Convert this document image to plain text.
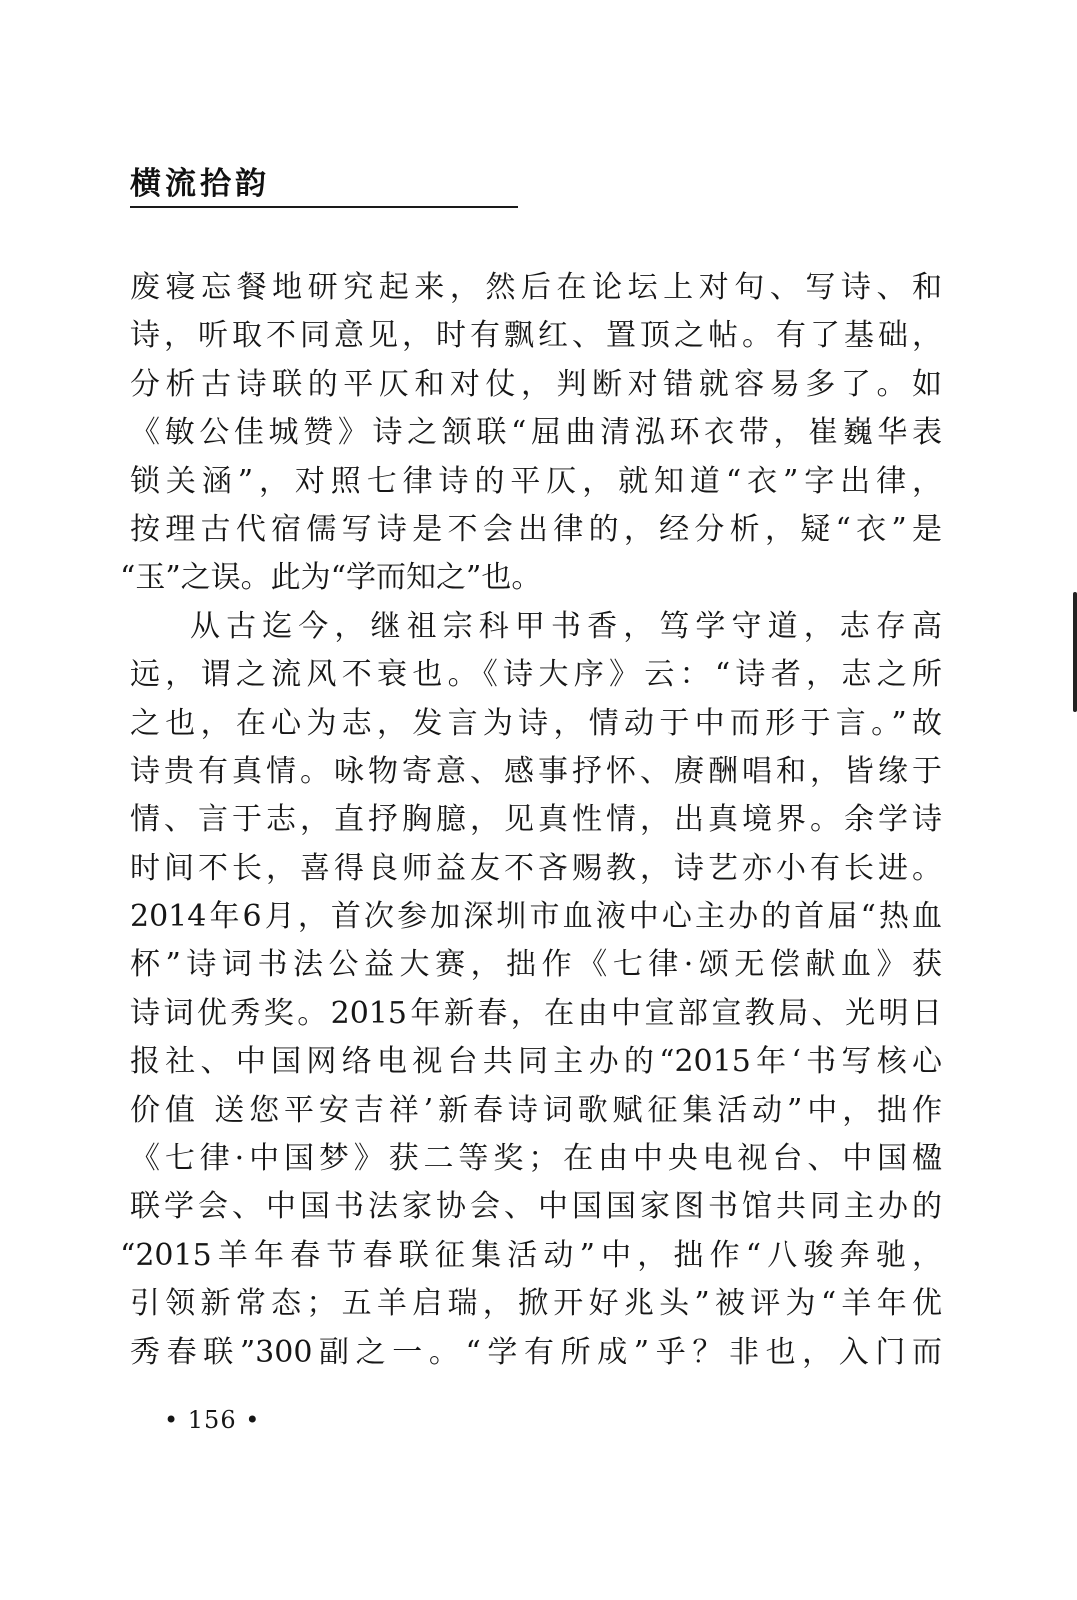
横流拾韵
废寝忘餐地研究起来，然后在论坛上对句、写诗、和
诗，听取不同意见，时有飘红、置顶之帖。有了基础，
分析古诗联的平仄和对仗，判断对错就容易多了。如
《敏公佳城赞》诗之颔联“屈曲清泓环衣带，崔巍华表
锁关涵”，对照七律诗的平仄，就知道“衣”字出律，
按理古代宿儒写诗是不会出律的，经分析，疑“衣”是
“玉”之误。此为“学而知之”也。
从古迄今，继祖宗科甲书香，笃学守道，志存高
远，谓之流风不衰也。《诗大序》云：“诗者，志之所
之也，在心为志，发言为诗，情动于中而形于言。”故
诗贵有真情。咏物寄意、感事抒怀、赓酬唱和，皆缘于
情、言于志，直抒胸臆，见真性情，出真境界。余学诗
时间不长，喜得良师益友不吝赐教，诗艺亦小有长进。
2014年6月，首次参加深圳市血液中心主办的首届“热血
杯”诗词书法公益大赛，拙作《七律·颂无偿献血》获
诗词优秀奖。2015年新春，在由中宣部宣教局、光明日
报社、中国网络电视台共同主办的“2015年‘书写核心
价值 送您平安吉祥’新春诗词歌赋征集活动”中，拙作
《七律·中国梦》获二等奖；在由中央电视台、中国楹
联学会、中国书法家协会、中国国家图书馆共同主办的
“2015羊年春节春联征集活动”中，拙作“八骏奔驰，
引领新常态；五羊启瑞，掀开好兆头”被评为“羊年优
秀春联”300副之一。“学有所成”乎？非也，入门而
• 156 •
